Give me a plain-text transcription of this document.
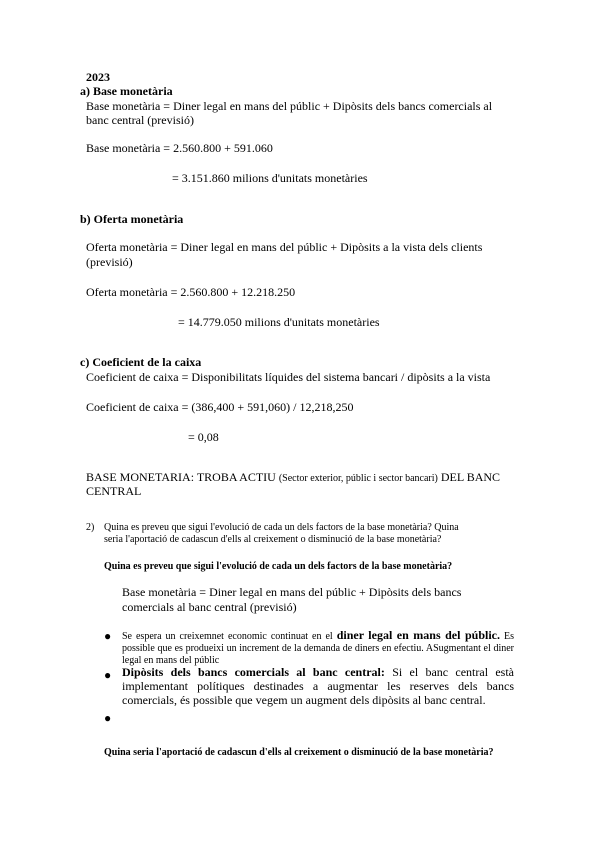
2023
a) Base monetària
Base monetària = Diner legal en mans del públic + Dipòsits dels bancs comercials al
banc central (previsió)
Base monetària = 2.560.800 + 591.060
= 3.151.860 milions d'unitats monetàries
b) Oferta monetària
Oferta monetària = Diner legal en mans del públic + Dipòsits a la vista dels clients
(previsió)
Oferta monetària = 2.560.800 + 12.218.250
= 14.779.050 milions d'unitats monetàries
c) Coeficient de la caixa
Coeficient de caixa = Disponibilitats líquides del sistema bancari / dipòsits a la vista
Coeficient de caixa = (386,400 + 591,060) / 12,218,250
= 0,08
BASE MONETARIA: TROBA ACTIU (Sector exterior, públic i sector bancari) DEL BANC
CENTRAL
2) Quina es preveu que sigui l'evolució de cada un dels factors de la base monetària? Quina
seria l'aportació de cadascun d'ells al creixement o disminució de la base monetària?
Quina es preveu que sigui l'evolució de cada un dels factors de la base monetària?
Base monetària = Diner legal en mans del públic + Dipòsits dels bancs
comercials al banc central (previsió)
● Se espera un creixemnet economic continuat en el diner legal en mans del públic. Es possible que es produeixi un increment de la demanda de diners en efectiu. ASugmentant el diner legal en mans del públic
● Dipòsits dels bancs comercials al banc central: Si el banc central està implementant polítiques destinades a augmentar les reserves dels bancs comercials, és possible que vegem un augment dels dipòsits al banc central.
●
Quina seria l'aportació de cadascun d'ells al creixement o disminució de la base monetària?
